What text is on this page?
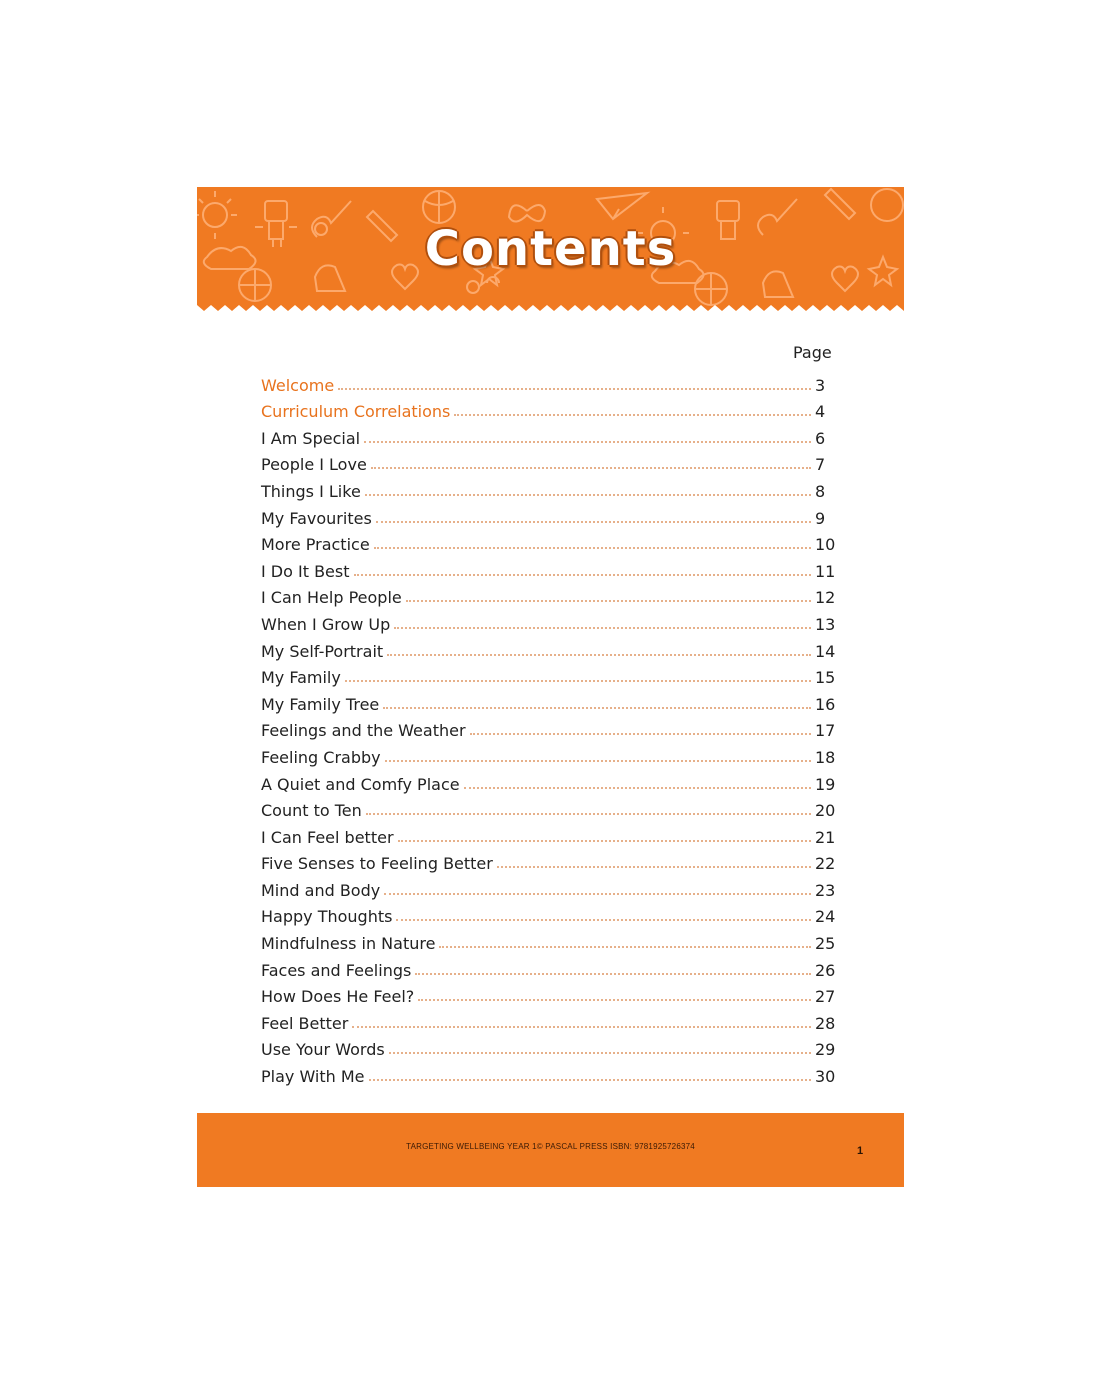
Contents
Page
Welcome	3
Curriculum Correlations	4
I Am Special	6
People I Love	7
Things I Like	8
My Favourites	9
More Practice	10
I Do It Best	11
I Can Help People	12
When I Grow Up	13
My Self-Portrait	14
My Family	15
My Family Tree	16
Feelings and the Weather	17
Feeling Crabby	18
A Quiet and Comfy Place	19
Count to Ten	20
I Can Feel better	21
Five Senses to Feeling Better	22
Mind and Body	23
Happy Thoughts	24
Mindfulness in Nature	25
Faces and Feelings	26
How Does He Feel?	27
Feel Better	28
Use Your Words	29
Play With Me	30
TARGETING WELLBEING YEAR 1© PASCAL PRESS ISBN: 9781925726374	1
